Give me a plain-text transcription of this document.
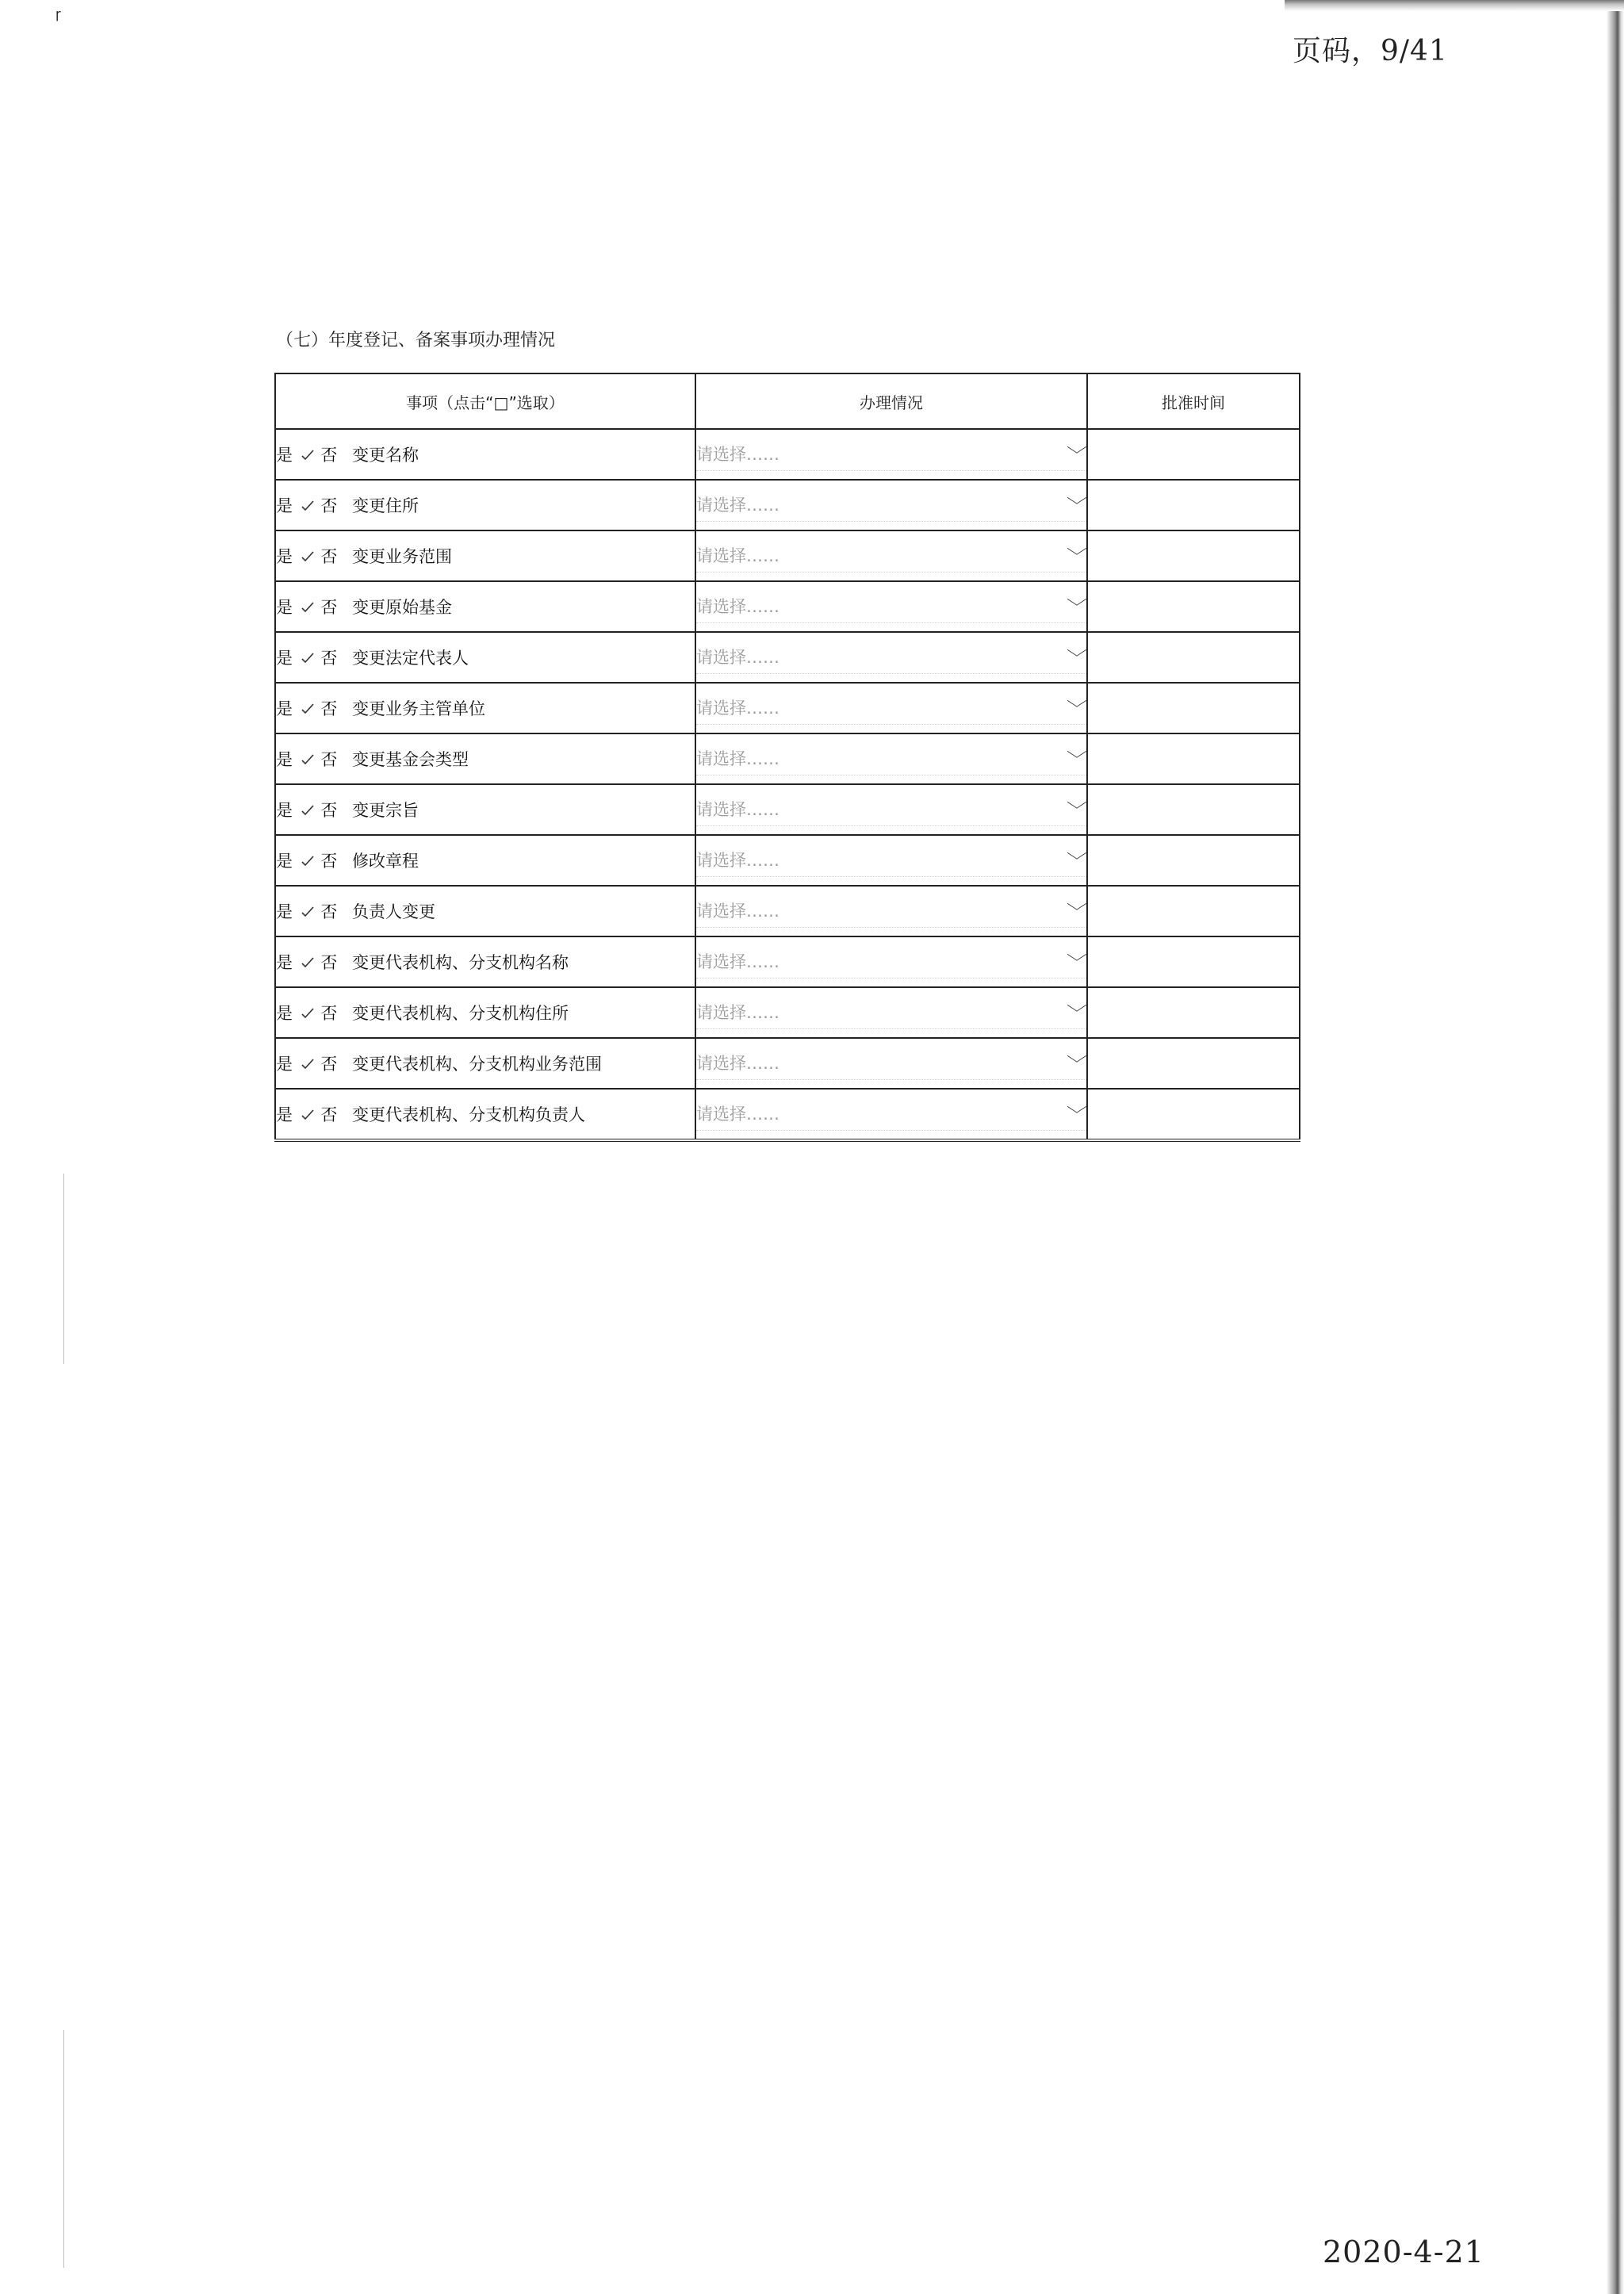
ɼ
页码，9/41
（七）年度登记、备案事项办理情况
事项（点击“□”选取）	办理情况	批准时间
是 否 变更名称	请选择…… ﹀	

是 否 变更住所	请选择…… ﹀	

是 否 变更业务范围	请选择…… ﹀	

是 否 变更原始基金	请选择…… ﹀	

是 否 变更法定代表人	请选择…… ﹀	

是 否 变更业务主管单位	请选择…… ﹀	

是 否 变更基金会类型	请选择…… ﹀	

是 否 变更宗旨	请选择…… ﹀	

是 否 修改章程	请选择…… ﹀	

是 否 负责人变更	请选择…… ﹀	

是 否 变更代表机构、分支机构名称	请选择…… ﹀	

是 否 变更代表机构、分支机构住所	请选择…… ﹀	

是 否 变更代表机构、分支机构业务范围	请选择…… ﹀	

是 否 变更代表机构、分支机构负责人	请选择…… ﹀	

2020-4-21
